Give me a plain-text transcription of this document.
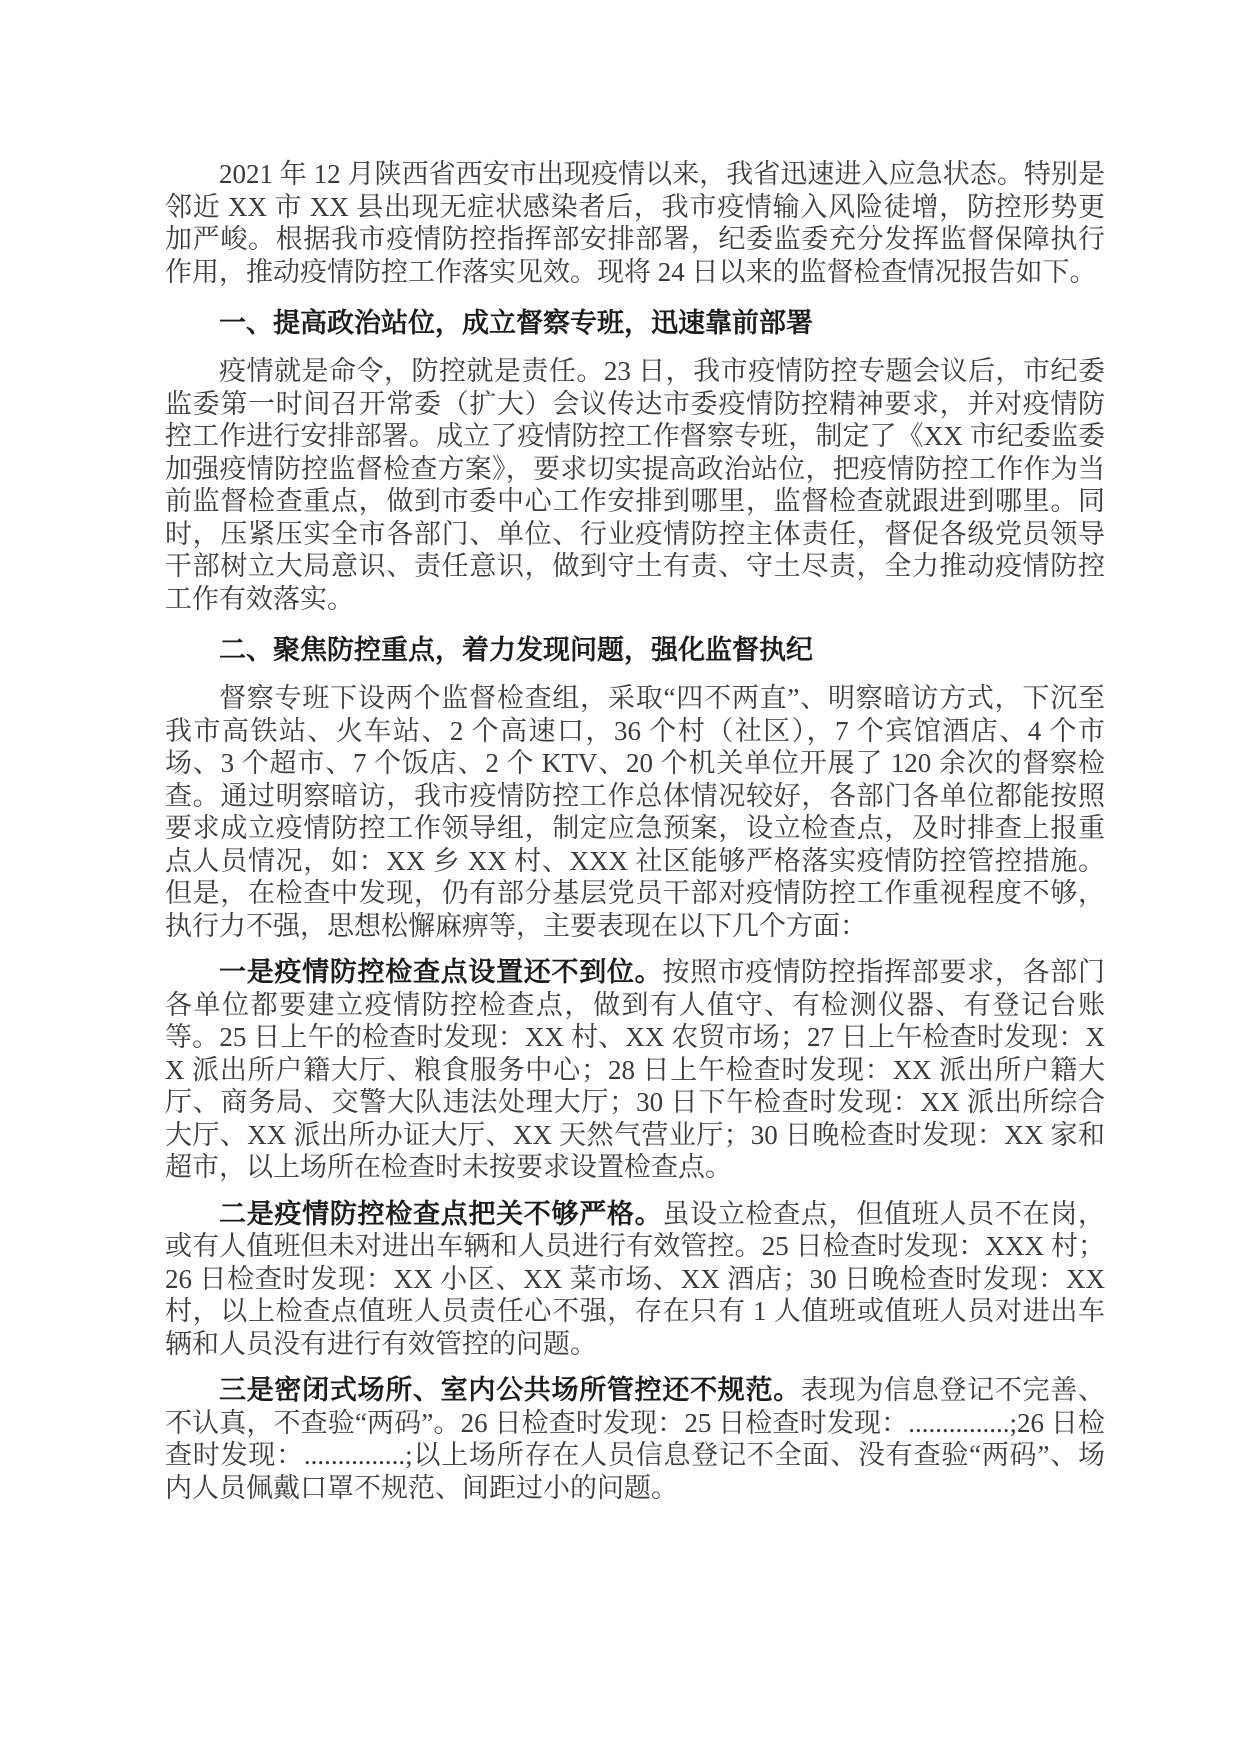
2021 年 12 月陕西省西安市出现疫情以来，我省迅速进入应急状态。特别是邻近 XX 市 XX 县出现无症状感染者后，我市疫情输入风险徒增，防控形势更加严峻。根据我市疫情防控指挥部安排部署，纪委监委充分发挥监督保障执行作用，推动疫情防控工作落实见效。现将 24 日以来的监督检查情况报告如下。

一、提高政治站位，成立督察专班，迅速靠前部署

疫情就是命令，防控就是责任。23 日，我市疫情防控专题会议后，市纪委监委第一时间召开常委（扩大）会议传达市委疫情防控精神要求，并对疫情防控工作进行安排部署。成立了疫情防控工作督察专班，制定了《XX 市纪委监委加强疫情防控监督检查方案》，要求切实提高政治站位，把疫情防控工作作为当前监督检查重点，做到市委中心工作安排到哪里，监督检查就跟进到哪里。同时，压紧压实全市各部门、单位、行业疫情防控主体责任，督促各级党员领导干部树立大局意识、责任意识，做到守土有责、守土尽责，全力推动疫情防控工作有效落实。

二、聚焦防控重点，着力发现问题，强化监督执纪

督察专班下设两个监督检查组，采取“四不两直”、明察暗访方式，下沉至我市高铁站、火车站、2 个高速口，36 个村（社区），7 个宾馆酒店、4 个市场、3 个超市、7 个饭店、2 个 KTV、20 个机关单位开展了 120 余次的督察检查。通过明察暗访，我市疫情防控工作总体情况较好，各部门各单位都能按照要求成立疫情防控工作领导组，制定应急预案，设立检查点，及时排查上报重点人员情况，如：XX 乡 XX 村、XXX 社区能够严格落实疫情防控管控措施。但是，在检查中发现，仍有部分基层党员干部对疫情防控工作重视程度不够，执行力不强，思想松懈麻痹等，主要表现在以下几个方面：

一是疫情防控检查点设置还不到位。按照市疫情防控指挥部要求，各部门各单位都要建立疫情防控检查点，做到有人值守、有检测仪器、有登记台账等。25 日上午的检查时发现：XX 村、XX 农贸市场；27 日上午检查时发现：XX 派出所户籍大厅、粮食服务中心；28 日上午检查时发现：XX 派出所户籍大厅、商务局、交警大队违法处理大厅；30 日下午检查时发现：XX 派出所综合大厅、XX 派出所办证大厅、XX 天然气营业厅；30 日晚检查时发现：XX 家和超市，以上场所在检查时未按要求设置检查点。

二是疫情防控检查点把关不够严格。虽设立检查点，但值班人员不在岗，或有人值班但未对进出车辆和人员进行有效管控。25 日检查时发现：XXX 村；26 日检查时发现：XX 小区、XX 菜市场、XX 酒店；30 日晚检查时发现：XX 村，以上检查点值班人员责任心不强，存在只有 1 人值班或值班人员对进出车辆和人员没有进行有效管控的问题。

三是密闭式场所、室内公共场所管控还不规范。表现为信息登记不完善、不认真，不查验“两码”。26 日检查时发现：25 日检查时发现：...............;26 日检查时发现：...............;以上场所存在人员信息登记不全面、没有查验“两码”、场内人员佩戴口罩不规范、间距过小的问题。
